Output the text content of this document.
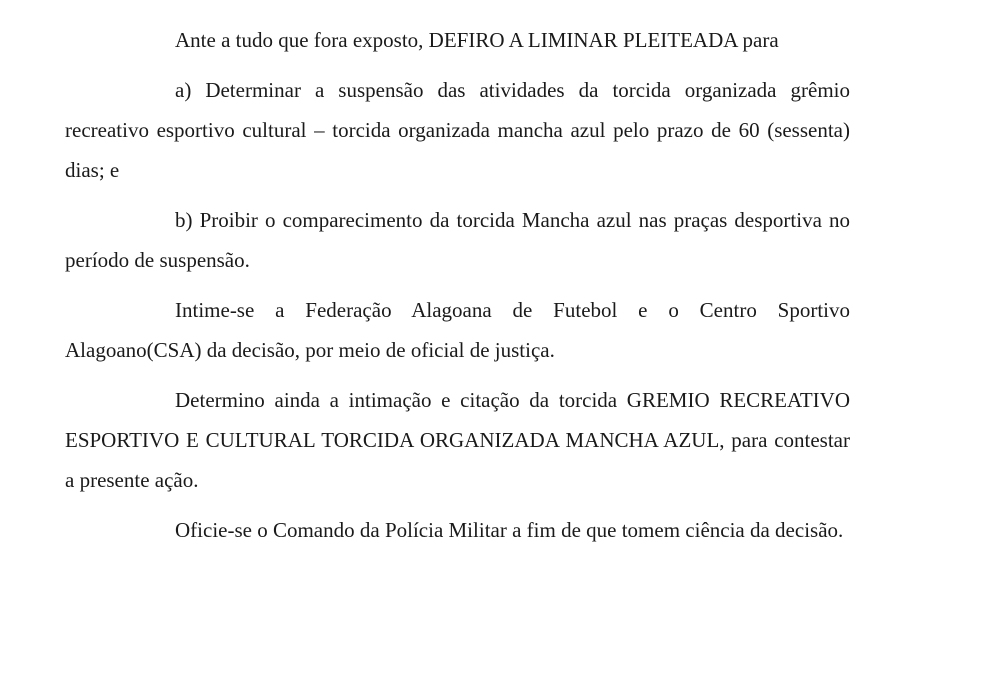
Ante a tudo que fora exposto, DEFIRO A LIMINAR PLEITEADA para

a) Determinar a suspensão das atividades da torcida organizada grêmio recreativo esportivo cultural – torcida organizada mancha azul pelo prazo de 60 (sessenta) dias; e

b) Proibir o comparecimento da torcida Mancha azul nas praças desportiva no período de suspensão.

Intime-se a Federação Alagoana de Futebol e o Centro Sportivo Alagoano(CSA) da decisão, por meio de oficial de justiça.

Determino ainda a intimação e citação da torcida GREMIO RECREATIVO ESPORTIVO E CULTURAL TORCIDA ORGANIZADA MANCHA AZUL, para contestar a presente ação.

Oficie-se o Comando da Polícia Militar a fim de que tomem ciência da decisão.
